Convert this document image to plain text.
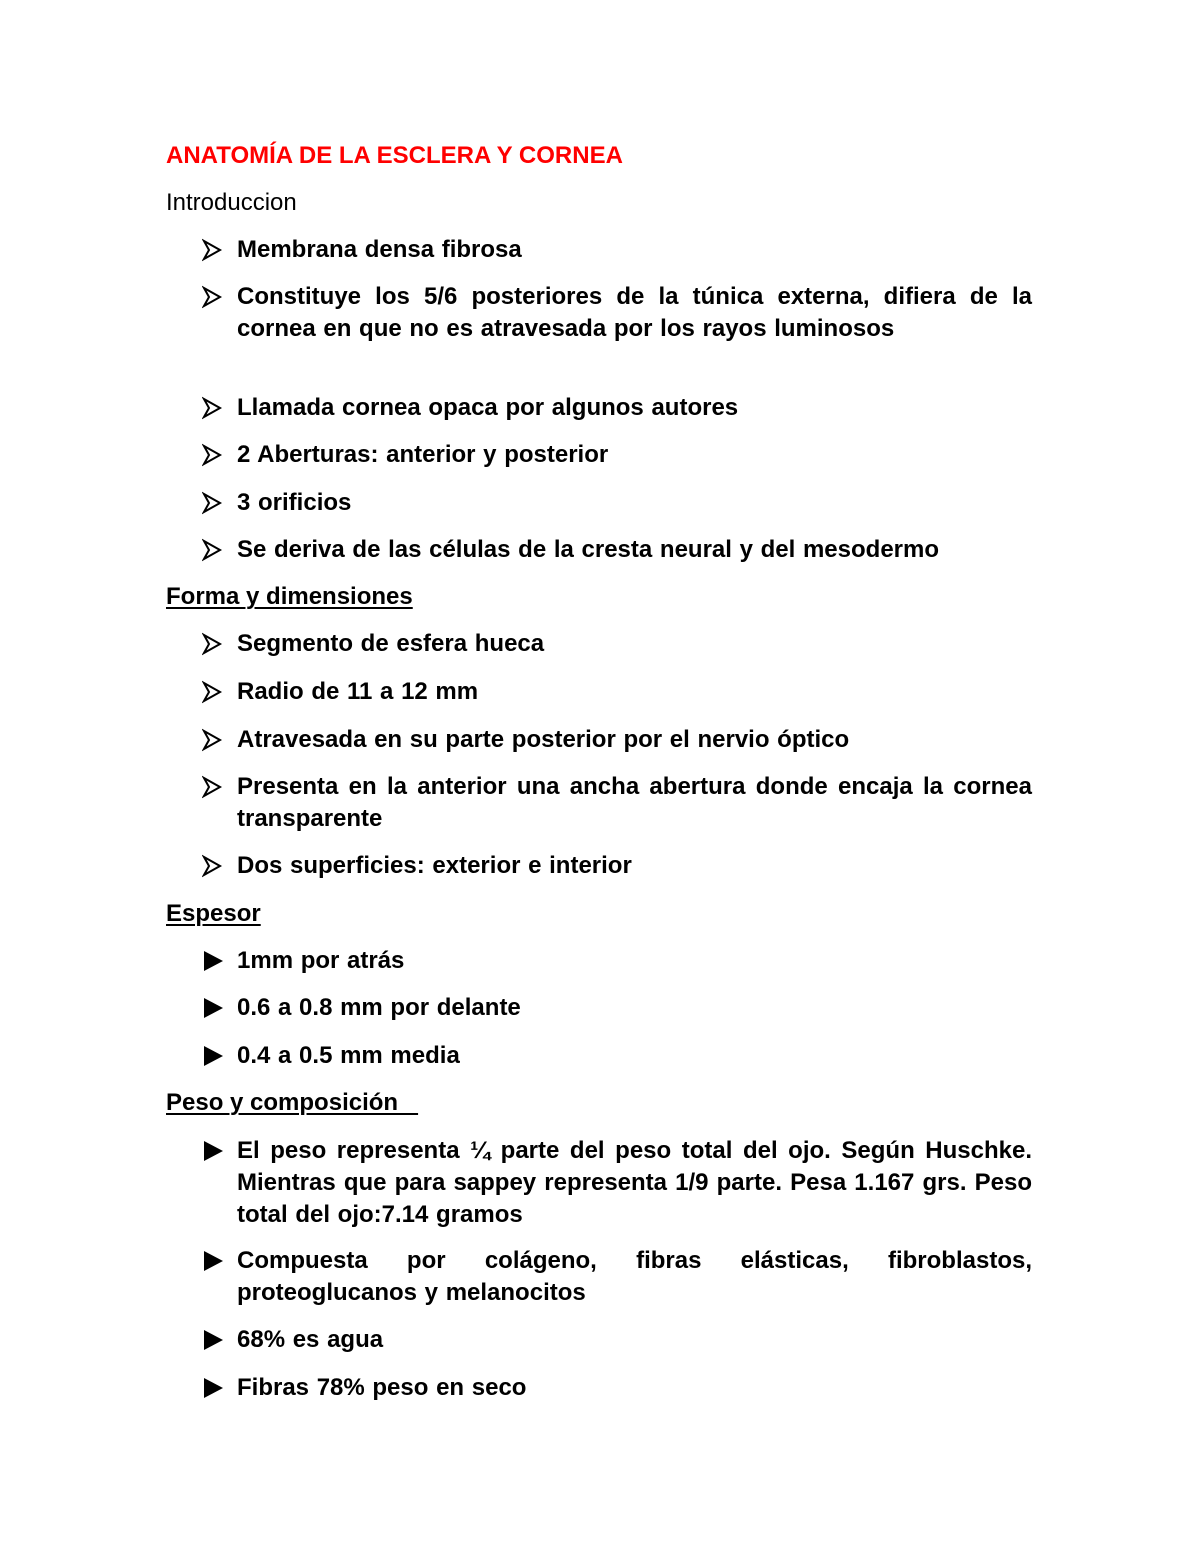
ANATOMÍA DE LA ESCLERA Y CORNEA
Introduccion
Membrana densa fibrosa
Constituye los 5/6 posteriores de la túnica externa, difiera de la cornea en que no es atravesada por los rayos luminosos
Llamada cornea opaca por algunos autores
2 Aberturas: anterior y posterior
3 orificios
Se deriva de las células de la cresta neural y del mesodermo
Forma y dimensiones
Segmento de esfera hueca
Radio de 11 a 12 mm
Atravesada en su parte posterior por el nervio óptico
Presenta en la anterior una ancha abertura donde encaja la cornea transparente
Dos superficies: exterior e interior
Espesor
1mm por atrás
0.6 a 0.8 mm por delante
0.4 a 0.5 mm media
Peso y composición
El peso representa ¼ parte del peso total del ojo. Según Huschke. Mientras que para sappey representa 1/9 parte. Pesa 1.167 grs. Peso total del ojo:7.14 gramos
Compuesta por colágeno, fibras elásticas, fibroblastos, proteoglucanos y melanocitos
68% es agua
Fibras 78% peso en seco
